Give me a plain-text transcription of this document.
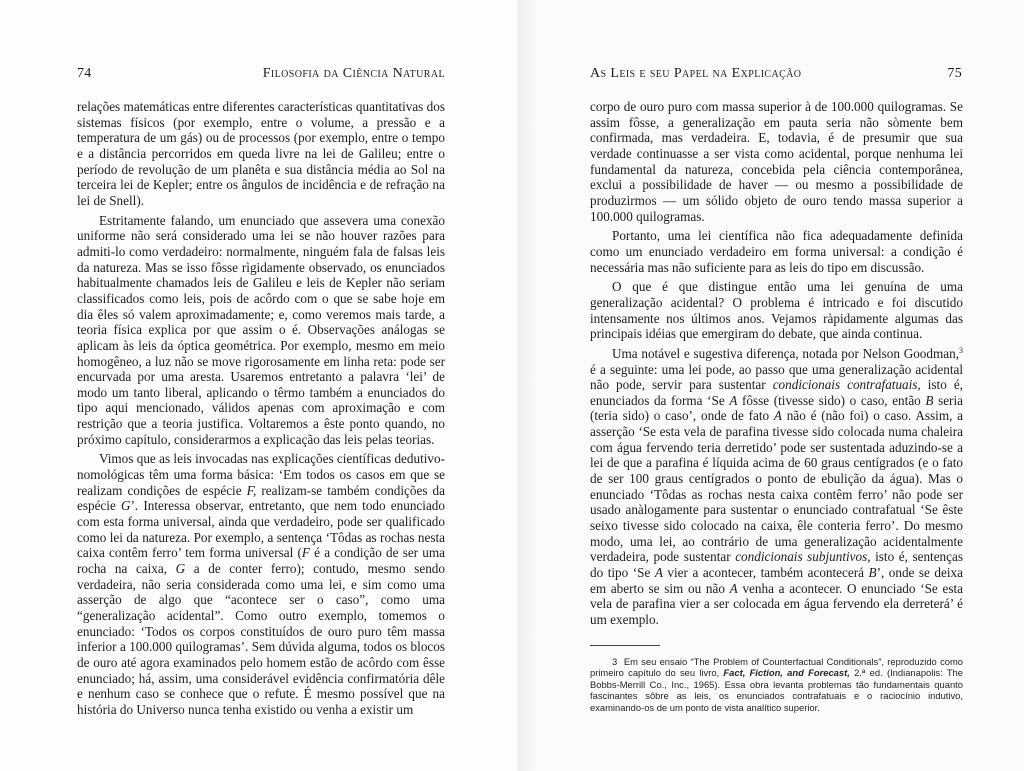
74	Filosofia da Ciência Natural

relações matemáticas entre diferentes características quantitativas dos sistemas físicos (por exemplo, entre o volume, a pressão e a temperatura de um gás) ou de processos (por exemplo, entre o tempo e a distância percorridos em queda livre na lei de Galileu; entre o período de revolução de um planêta e sua distância média ao Sol na terceira lei de Kepler; entre os ângulos de incidência e de refração na lei de Snell).

Estritamente falando, um enunciado que assevera uma conexão uniforme não será considerado uma lei se não houver razões para admiti-lo como verdadeiro: normalmente, ninguém fala de falsas leis da natureza. Mas se isso fôsse rìgidamente observado, os enunciados habitualmente chamados leis de Galileu e leis de Kepler não seriam classificados como leis, pois de acôrdo com o que se sabe hoje em dia êles só valem aproximadamente; e, como veremos mais tarde, a teoria física explica por que assim o é. Observações análogas se aplicam às leis da óptica geométrica. Por exemplo, mesmo em meio homogêneo, a luz não se move rigorosamente em linha reta: pode ser encurvada por uma aresta. Usaremos entretanto a palavra ‘lei’ de modo um tanto liberal, aplicando o têrmo também a enunciados do tipo aqui mencionado, válidos apenas com aproximação e com restrição que a teoria justifica. Voltaremos a êste ponto quando, no próximo capítulo, considerarmos a explicação das leis pelas teorias.

Vimos que as leis invocadas nas explicações científicas dedutivo-nomológicas têm uma forma básica: ‘Em todos os casos em que se realizam condições de espécie F, realizam-se também condições da espécie G’. Interessa observar, entretanto, que nem todo enunciado com esta forma universal, ainda que verdadeiro, pode ser qualificado como lei da natureza. Por exemplo, a sentença ‘Tôdas as rochas nesta caixa contêm ferro’ tem forma universal (F é a condição de ser uma rocha na caixa, G a de conter ferro); contudo, mesmo sendo verdadeira, não seria considerada como uma lei, e sim como uma asserção de algo que “acontece ser o caso”, como uma “generalização acidental”. Como outro exemplo, tomemos o enunciado: ‘Todos os corpos constituídos de ouro puro têm massa inferior a 100.000 quilogramas’. Sem dúvida alguma, todos os blocos de ouro até agora examinados pelo homem estão de acôrdo com êsse enunciado; há, assim, uma considerável evidência confirmatória dêle e nenhum caso se conhece que o refute. É mesmo possível que na história do Universo nunca tenha existido ou venha a existir um

As Leis e seu Papel na Explicação	75

corpo de ouro puro com massa superior à de 100.000 quilogramas. Se assim fôsse, a generalização em pauta seria não sòmente bem confirmada, mas verdadeira. E, todavia, é de presumir que sua verdade continuasse a ser vista como acidental, porque nenhuma lei fundamental da natureza, concebida pela ciência contemporânea, exclui a possibilidade de haver — ou mesmo a possibilidade de produzirmos — um sólido objeto de ouro tendo massa superior a 100.000 quilogramas.

Portanto, uma lei científica não fica adequadamente definida como um enunciado verdadeiro em forma universal: a condição é necessária mas não suficiente para as leis do tipo em discussão.

O que é que distingue então uma lei genuína de uma generalização acidental? O problema é intricado e foi discutido intensamente nos últimos anos. Vejamos ràpidamente algumas das principais idéias que emergiram do debate, que ainda continua.

Uma notável e sugestiva diferença, notada por Nelson Goodman,$^3$ é a seguinte: uma lei pode, ao passo que uma generalização acidental não pode, servir para sustentar condicionais contrafatuais, isto é, enunciados da forma ‘Se A fôsse (tivesse sido) o caso, então B seria (teria sido) o caso’, onde de fato A não é (não foi) o caso. Assim, a asserção ‘Se esta vela de parafina tivesse sido colocada numa chaleira com água fervendo teria derretido’ pode ser sustentada aduzindo-se a lei de que a parafina é líquida acima de 60 graus centígrados (e o fato de ser 100 graus centígrados o ponto de ebulição da água). Mas o enunciado ‘Tôdas as rochas nesta caixa contêm ferro’ não pode ser usado anàlogamente para sustentar o enunciado contrafatual ‘Se êste seixo tivesse sido colocado na caixa, êle conteria ferro’. Do mesmo modo, uma lei, ao contrário de uma generalização acidentalmente verdadeira, pode sustentar condicionais subjuntivos, isto é, sentenças do tipo ‘Se A vier a acontecer, também acontecerá B’, onde se deixa em aberto se sim ou não A venha a acontecer. O enunciado ‘Se esta vela de parafina vier a ser colocada em água fervendo ela derreterá’ é um exemplo.

3 Em seu ensaio “The Problem of Counterfactual Conditionals”, reproduzido como primeiro capítulo do seu livro, Fact, Fiction, and Forecast, 2.ª ed. (Indianapolis: The Bobbs-Merrill Co., Inc., 1965). Essa obra levanta problemas tão fundamentais quanto fascinantes sôbre as leis, os enunciados contrafatuais e o raciocínio indutivo, examinando-os de um ponto de vista analítico superior.
